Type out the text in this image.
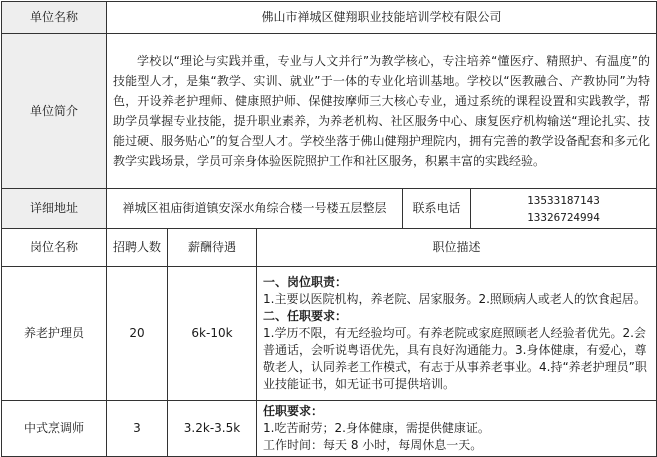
单位名称	佛山市禅城区健翔职业技能培训学校有限公司				
单位简介	学校以“理论与实践并重，专业与人文并行”为教学核心，专注培养“懂医疗、精照护、有温度”的技能型人才，是集“教学、实训、就业”于一体的专业化培训基地。学校以“医教融合、产教协同”为特色，开设养老护理师、健康照护师、保健按摩师三大核心专业，通过系统的课程设置和实践教学，帮助学员掌握专业技能，提升职业素养，为养老机构、社区服务中心、康复医疗机构输送“理论扎实、技能过硬、服务贴心”的复合型人才。学校坐落于佛山健翔护理院内，拥有完善的教学设备配套和多元化教学实践场景，学员可亲身体验医院照护工作和社区服务，积累丰富的实践经验。				
详细地址	禅城区祖庙街道镇安深水角综合楼一号楼五层整层			联系电话	13533187143
13326724994

岗位名称	招聘人数	薪酬待遇	职位描述		
养老护理员	20	6k-10k	一、岗位职责：

1.主要以医院机构，养老院、居家服务。2.照顾病人或老人的饮食起居。

二、任职要求：

1.学历不限，有无经验均可。有养老院或家庭照顾老人经验者优先。2.会普通话，会听说粤语优先，具有良好沟通能力。3.身体健康，有爱心，尊敬老人，认同养老工作模式，有志于从事养老事业。4.持“养老护理员”职业技能证书，如无证书可提供培训。		

中式烹调师	3	3.2k-3.5k	任职要求：

1.吃苦耐劳；2.身体健康，需提供健康证。

工作时间：每天 8 小时，每周休息一天。		
